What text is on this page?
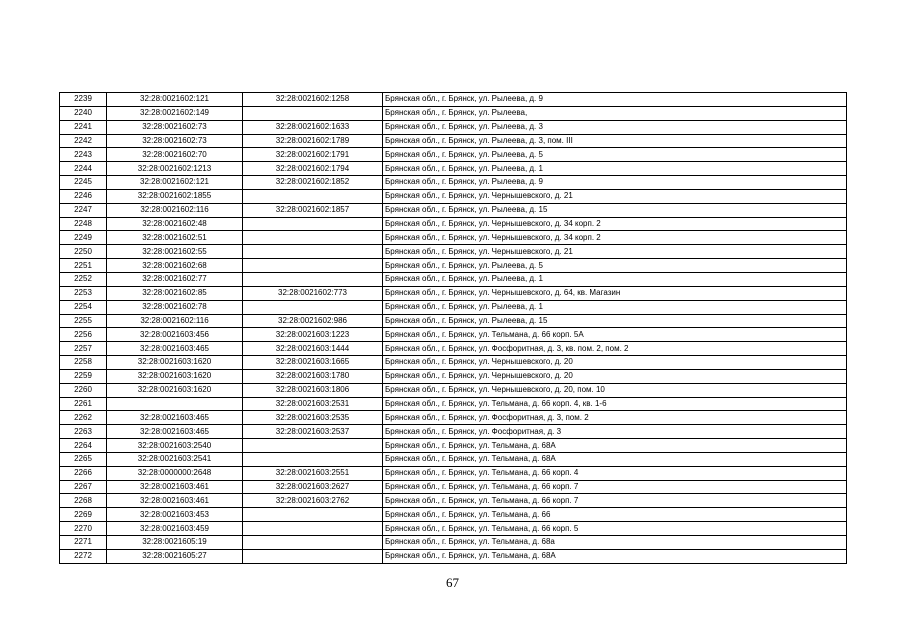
2239	32:28:0021602:121	32:28:0021602:1258	Брянская обл., г. Брянск, ул. Рылеева, д. 9
2240	32:28:0021602:149		Брянская обл., г. Брянск, ул. Рылеева,
2241	32:28:0021602:73	32:28:0021602:1633	Брянская обл., г. Брянск, ул. Рылеева, д. 3
2242	32:28:0021602:73	32:28:0021602:1789	Брянская обл., г. Брянск, ул. Рылеева, д. 3, пом. III
2243	32:28:0021602:70	32:28:0021602:1791	Брянская обл., г. Брянск, ул. Рылеева, д. 5
2244	32:28:0021602:1213	32:28:0021602:1794	Брянская обл., г. Брянск, ул. Рылеева, д. 1
2245	32:28:0021602:121	32:28:0021602:1852	Брянская обл., г. Брянск, ул. Рылеева, д. 9
2246	32:28:0021602:1855		Брянская обл., г. Брянск, ул. Чернышевского, д. 21
2247	32:28:0021602:116	32:28:0021602:1857	Брянская обл., г. Брянск, ул. Рылеева, д. 15
2248	32:28:0021602:48		Брянская обл., г. Брянск, ул. Чернышевского, д. 34 корп. 2
2249	32:28:0021602:51		Брянская обл., г. Брянск, ул. Чернышевского, д. 34 корп. 2
2250	32:28:0021602:55		Брянская обл., г. Брянск, ул. Чернышевского, д. 21
2251	32:28:0021602:68		Брянская обл., г. Брянск, ул. Рылеева, д. 5
2252	32:28:0021602:77		Брянская обл., г. Брянск, ул. Рылеева, д. 1
2253	32:28:0021602:85	32:28:0021602:773	Брянская обл., г. Брянск, ул. Чернышевского, д. 64, кв. Магазин
2254	32:28:0021602:78		Брянская обл., г. Брянск, ул. Рылеева, д. 1
2255	32:28:0021602:116	32:28:0021602:986	Брянская обл., г. Брянск, ул. Рылеева, д. 15
2256	32:28:0021603:456	32:28:0021603:1223	Брянская обл., г. Брянск, ул. Тельмана, д. 66 корп. 5А
2257	32:28:0021603:465	32:28:0021603:1444	Брянская обл., г. Брянск, ул. Фосфоритная, д. 3, кв. пом. 2, пом. 2
2258	32:28:0021603:1620	32:28:0021603:1665	Брянская обл., г. Брянск, ул. Чернышевского, д. 20
2259	32:28:0021603:1620	32:28:0021603:1780	Брянская обл., г. Брянск, ул. Чернышевского, д. 20
2260	32:28:0021603:1620	32:28:0021603:1806	Брянская обл., г. Брянск, ул. Чернышевского, д. 20, пом. 10
2261		32:28:0021603:2531	Брянская обл., г. Брянск, ул. Тельмана, д. 66 корп. 4, кв. 1-6
2262	32:28:0021603:465	32:28:0021603:2535	Брянская обл., г. Брянск, ул. Фосфоритная, д. 3, пом. 2
2263	32:28:0021603:465	32:28:0021603:2537	Брянская обл., г. Брянск, ул. Фосфоритная, д. 3
2264	32:28:0021603:2540		Брянская обл., г. Брянск, ул. Тельмана, д. 68А
2265	32:28:0021603:2541		Брянская обл., г. Брянск, ул. Тельмана, д. 68А
2266	32:28:0000000:2648	32:28:0021603:2551	Брянская обл., г. Брянск, ул. Тельмана, д. 66 корп. 4
2267	32:28:0021603:461	32:28:0021603:2627	Брянская обл., г. Брянск, ул. Тельмана, д. 66 корп. 7
2268	32:28:0021603:461	32:28:0021603:2762	Брянская обл., г. Брянск, ул. Тельмана, д. 66 корп. 7
2269	32:28:0021603:453		Брянская обл., г. Брянск, ул. Тельмана, д. 66
2270	32:28:0021603:459		Брянская обл., г. Брянск, ул. Тельмана, д. 66 корп. 5
2271	32:28:0021605:19		Брянская обл., г. Брянск, ул. Тельмана, д. 68а
2272	32:28:0021605:27		Брянская обл., г. Брянск, ул. Тельмана, д. 68А
67
